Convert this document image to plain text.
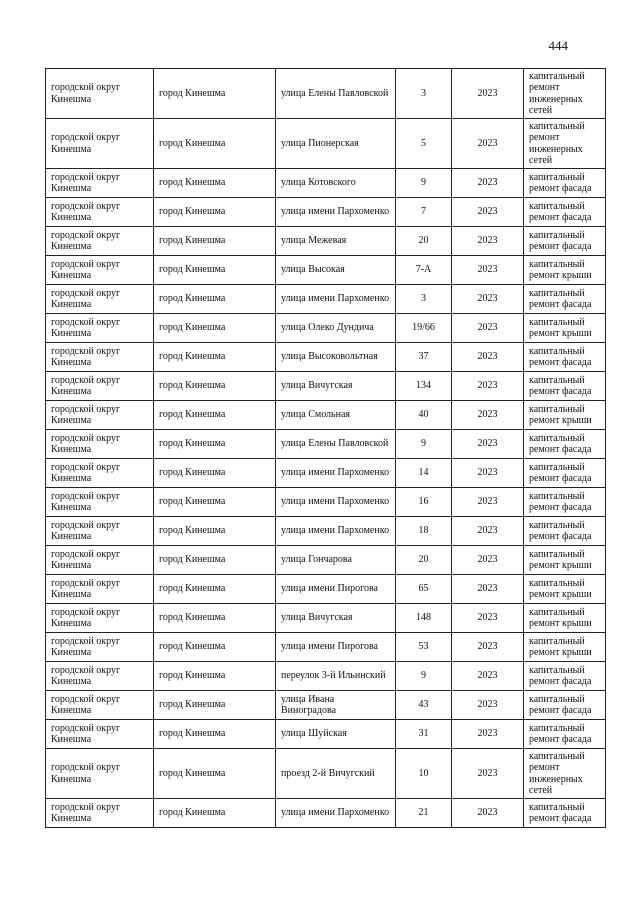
444
городской округ Кинешма	город Кинешма	улица Елены Павловской	3	2023	капитальный ремонт инженерных сетей
городской округ Кинешма	город Кинешма	улица Пионерская	5	2023	капитальный ремонт инженерных сетей
городской округ Кинешма	город Кинешма	улица Котовского	9	2023	капитальный ремонт фасада
городской округ Кинешма	город Кинешма	улица имени Пархоменко	7	2023	капитальный ремонт фасада
городской округ Кинешма	город Кинешма	улица Межевая	20	2023	капитальный ремонт фасада
городской округ Кинешма	город Кинешма	улица Высокая	7-А	2023	капитальный ремонт крыши
городской округ Кинешма	город Кинешма	улица имени Пархоменко	3	2023	капитальный ремонт фасада
городской округ Кинешма	город Кинешма	улица Олеко Дундича	19/66	2023	капитальный ремонт крыши
городской округ Кинешма	город Кинешма	улица Высоковольтная	37	2023	капитальный ремонт фасада
городской округ Кинешма	город Кинешма	улица Вичугская	134	2023	капитальный ремонт фасада
городской округ Кинешма	город Кинешма	улица Смольная	40	2023	капитальный ремонт крыши
городской округ Кинешма	город Кинешма	улица Елены Павловской	9	2023	капитальный ремонт фасада
городской округ Кинешма	город Кинешма	улица имени Пархоменко	14	2023	капитальный ремонт фасада
городской округ Кинешма	город Кинешма	улица имени Пархоменко	16	2023	капитальный ремонт фасада
городской округ Кинешма	город Кинешма	улица имени Пархоменко	18	2023	капитальный ремонт фасада
городской округ Кинешма	город Кинешма	улица Гончарова	20	2023	капитальный ремонт крыши
городской округ Кинешма	город Кинешма	улица имени Пирогова	65	2023	капитальный ремонт крыши
городской округ Кинешма	город Кинешма	улица Вичугская	148	2023	капитальный ремонт крыши
городской округ Кинешма	город Кинешма	улица имени Пирогова	53	2023	капитальный ремонт крыши
городской округ Кинешма	город Кинешма	переулок 3-й Ильинский	9	2023	капитальный ремонт фасада
городской округ Кинешма	город Кинешма	улица Ивана Виноградова	43	2023	капитальный ремонт фасада
городской округ Кинешма	город Кинешма	улица Шуйская	31	2023	капитальный ремонт фасада
городской округ Кинешма	город Кинешма	проезд 2-й Вичугский	10	2023	капитальный ремонт инженерных сетей
городской округ Кинешма	город Кинешма	улица имени Пархоменко	21	2023	капитальный ремонт фасада
